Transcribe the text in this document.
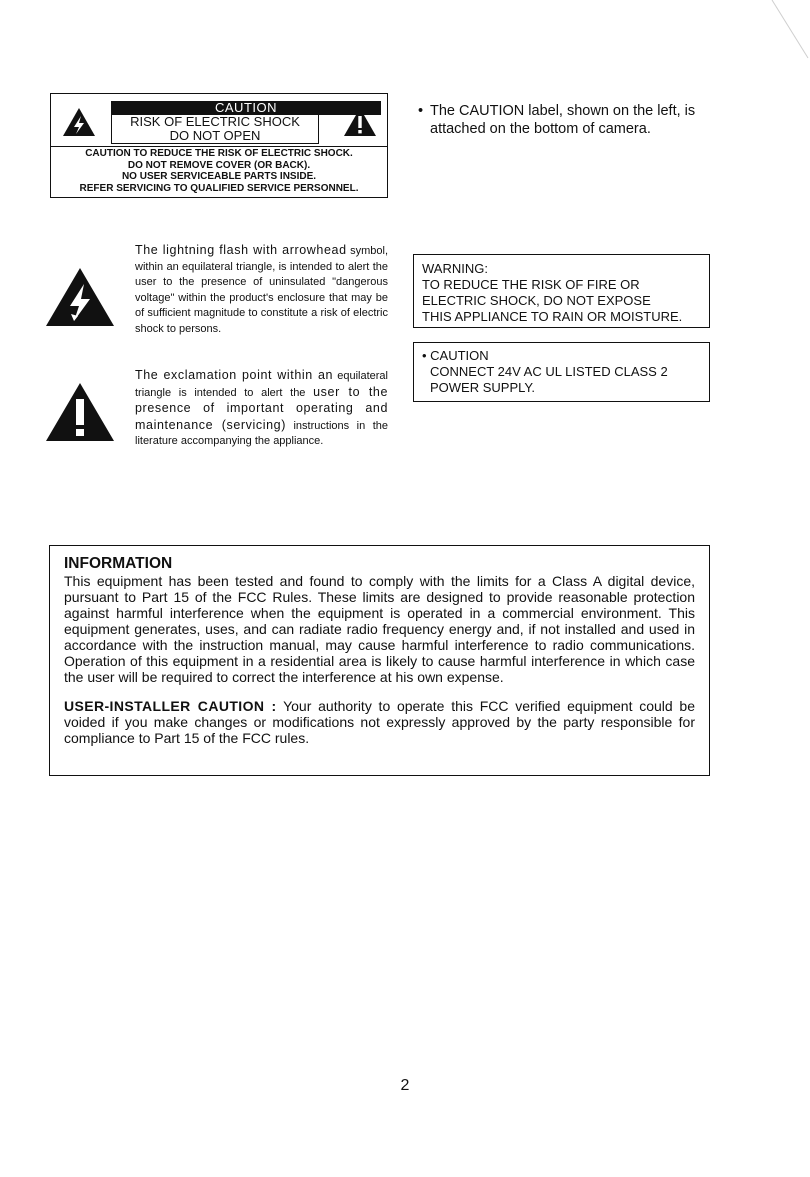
CAUTION
RISK OF ELECTRIC SHOCK
DO NOT OPEN
CAUTION TO REDUCE THE RISK OF ELECTRIC SHOCK.
DO NOT REMOVE COVER (OR BACK).
NO USER SERVICEABLE PARTS INSIDE.
REFER SERVICING TO QUALIFIED SERVICE PERSONNEL.
• The CAUTION label, shown on the left, is attached on the bottom of camera.
The lightning flash with arrowhead symbol, within an equilateral triangle, is intended to alert the user to the presence of uninsulated "dangerous voltage" within the product's enclosure that may be of sufficient magnitude to constitute a risk of electric shock to persons.
The exclamation point within an equilateral triangle is intended to alert the user to the presence of important operating and maintenance (servicing) instructions in the literature accompanying the appliance.
WARNING:
TO REDUCE THE RISK OF FIRE OR
ELECTRIC SHOCK, DO NOT EXPOSE
THIS APPLIANCE TO RAIN OR MOISTURE.
• CAUTION
CONNECT 24V AC UL LISTED CLASS 2
POWER SUPPLY.
INFORMATION

This equipment has been tested and found to comply with the limits for a Class A digital device, pursuant to Part 15 of the FCC Rules. These limits are designed to provide reasonable protection against harmful interference when the equipment is operated in a commercial environment. This equipment generates, uses, and can radiate radio frequency energy and, if not installed and used in accordance with the instruction manual, may cause harmful interference to radio communications. Operation of this equipment in a residential area is likely to cause harmful interference in which case the user will be required to correct the interference at his own expense.

USER-INSTALLER CAUTION : Your authority to operate this FCC verified equipment could be voided if you make changes or modifications not expressly approved by the party responsible for compliance to Part 15 of the FCC rules.

2
